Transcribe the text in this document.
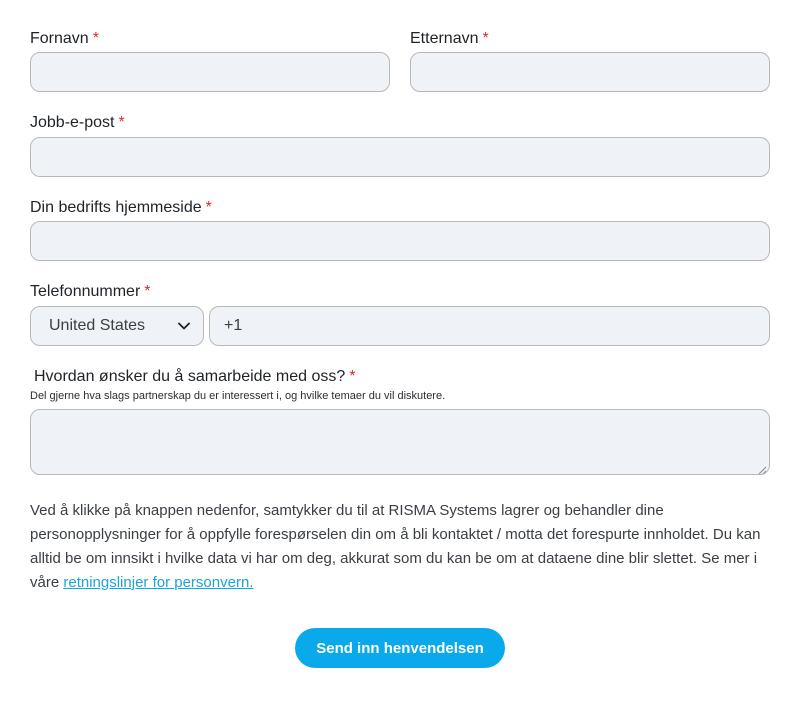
Fornavn *	Etternavn *
Jobb-e-post *
Din bedrifts hjemmeside *
Telefonnummer *
United States
+1
Hvordan ønsker du å samarbeide med oss? *
Del gjerne hva slags partnerskap du er interessert i, og hvilke temaer du vil diskutere.

Ved å klikke på knappen nedenfor, samtykker du til at RISMA Systems lagrer og behandler dine personopplysninger for å oppfylle forespørselen din om å bli kontaktet / motta det forespurte innholdet. Du kan alltid be om innsikt i hvilke data vi har om deg, akkurat som du kan be om at dataene dine blir slettet. Se mer i våre retningslinjer for personvern.

Send inn henvendelsen
